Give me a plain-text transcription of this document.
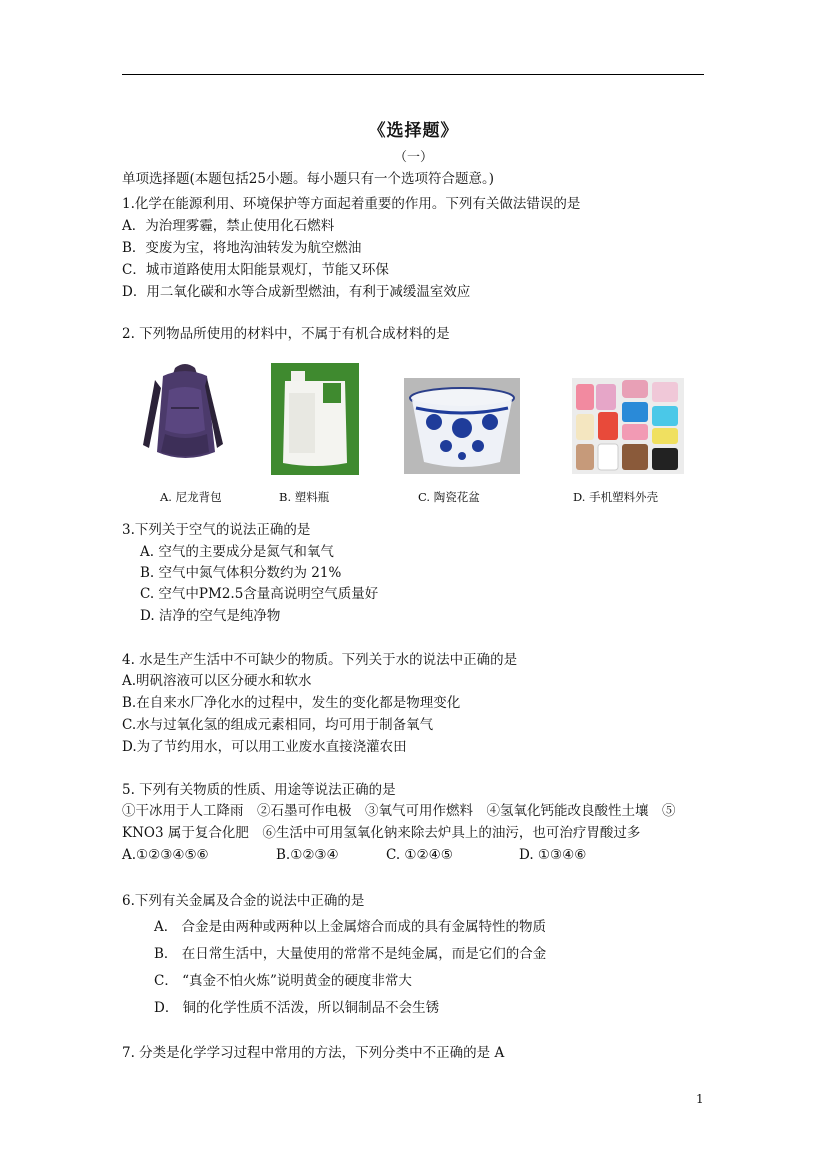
《选择题》
（一）
单项选择题(本题包括25小题。每小题只有一个选项符合题意。)
1.化学在能源利用、环境保护等方面起着重要的作用。下列有关做法错误的是
A．为治理雾霾，禁止使用化石燃料
B．变废为宝，将地沟油转发为航空燃油
C．城市道路使用太阳能景观灯，节能又环保
D．用二氧化碳和水等合成新型燃油，有利于减缓温室效应
2. 下列物品所使用的材料中，不属于有机合成材料的是
A. 尼龙背包	B. 塑料瓶	C. 陶瓷花盆	D. 手机塑料外壳
3.下列关于空气的说法正确的是
A. 空气的主要成分是氮气和氧气
B. 空气中氮气体积分数约为 21%
C. 空气中PM2.5含量高说明空气质量好
D. 洁净的空气是纯净物
4. 水是生产生活中不可缺少的物质。下列关于水的说法中正确的是
A.明矾溶液可以区分硬水和软水
B.在自来水厂净化水的过程中，发生的变化都是物理变化
C.水与过氧化氢的组成元素相同，均可用于制备氧气
D.为了节约用水，可以用工业废水直接浇灌农田
5. 下列有关物质的性质、用途等说法正确的是
①干冰用于人工降雨　②石墨可作电极　③氧气可用作燃料　④氢氧化钙能改良酸性土壤　⑤
KNO3 属于复合化肥　⑥生活中可用氢氧化钠来除去炉具上的油污，也可治疗胃酸过多
A.①②③④⑤⑥	B.①②③④	C. ①②④⑤	D. ①③④⑥
6.下列有关金属及合金的说法中正确的是
A． 合金是由两种或两种以上金属熔合而成的具有金属特性的物质
B． 在日常生活中，大量使用的常常不是纯金属，而是它们的合金
C． “真金不怕火炼”说明黄金的硬度非常大
D． 铜的化学性质不活泼，所以铜制品不会生锈
7. 分类是化学学习过程中常用的方法，下列分类中不正确的是 A
1
